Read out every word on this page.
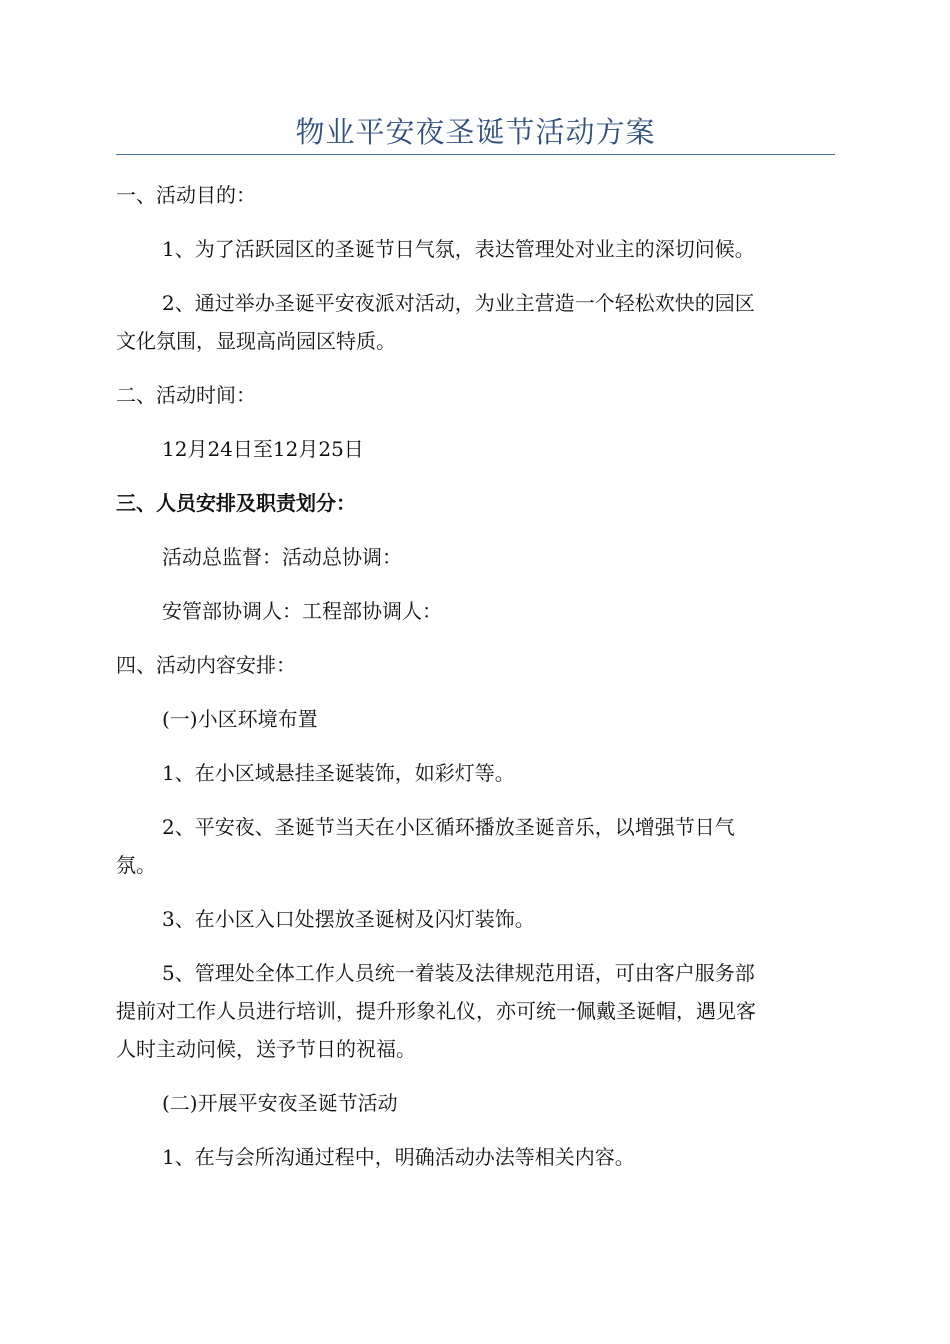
物业平安夜圣诞节活动方案
一、活动目的：
1、为了活跃园区的圣诞节日气氛，表达管理处对业主的深切问候。
2、通过举办圣诞平安夜派对活动，为业主营造一个轻松欢快的园区
文化氛围，显现高尚园区特质。
二、活动时间：
12月24日至12月25日
三、人员安排及职责划分：
活动总监督：活动总协调：
安管部协调人：工程部协调人：
四、活动内容安排：
(一)小区环境布置
1、在小区域悬挂圣诞装饰，如彩灯等。
2、平安夜、圣诞节当天在小区循环播放圣诞音乐，以增强节日气
氛。
3、在小区入口处摆放圣诞树及闪灯装饰。
5、管理处全体工作人员统一着装及法律规范用语，可由客户服务部
提前对工作人员进行培训，提升形象礼仪，亦可统一佩戴圣诞帽，遇见客
人时主动问候，送予节日的祝福。
(二)开展平安夜圣诞节活动
1、在与会所沟通过程中，明确活动办法等相关内容。
